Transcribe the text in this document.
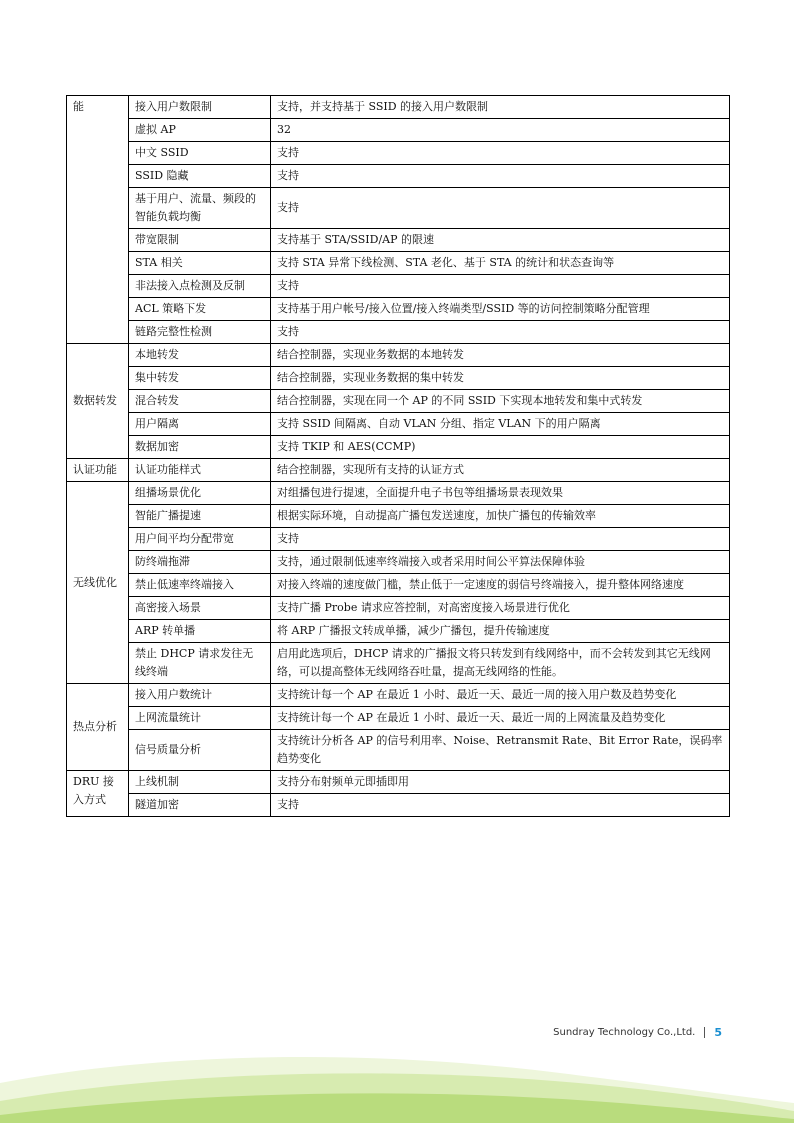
能	接入用户数限制	支持，并支持基于 SSID 的接入用户数限制
	虚拟 AP	32
	中文 SSID	支持
	SSID 隐藏	支持
	基于用户、流量、频段的智能负载均衡	支持
	带宽限制	支持基于 STA/SSID/AP 的限速
	STA 相关	支持 STA 异常下线检测、STA 老化、基于 STA 的统计和状态查询等
	非法接入点检测及反制	支持
	ACL 策略下发	支持基于用户帐号/接入位置/接入终端类型/SSID 等的访问控制策略分配管理
	链路完整性检测	支持
数据转发	本地转发	结合控制器，实现业务数据的本地转发
	集中转发	结合控制器，实现业务数据的集中转发
	混合转发	结合控制器，实现在同一个 AP 的不同 SSID 下实现本地转发和集中式转发
	用户隔离	支持 SSID 间隔离、自动 VLAN 分组、指定 VLAN 下的用户隔离
	数据加密	支持 TKIP 和 AES(CCMP)
认证功能	认证功能样式	结合控制器，实现所有支持的认证方式
无线优化	组播场景优化	对组播包进行提速，全面提升电子书包等组播场景表现效果
	智能广播提速	根据实际环境，自动提高广播包发送速度，加快广播包的传输效率
	用户间平均分配带宽	支持
	防终端拖滞	支持，通过限制低速率终端接入或者采用时间公平算法保障体验
	禁止低速率终端接入	对接入终端的速度做门槛，禁止低于一定速度的弱信号终端接入，提升整体网络速度
	高密接入场景	支持广播 Probe 请求应答控制，对高密度接入场景进行优化
	ARP 转单播	将 ARP 广播报文转成单播，减少广播包，提升传输速度
	禁止 DHCP 请求发往无线终端	启用此选项后，DHCP 请求的广播报文将只转发到有线网络中，而不会转发到其它无线网络，可以提高整体无线网络吞吐量，提高无线网络的性能。
热点分析	接入用户数统计	支持统计每一个 AP 在最近 1 小时、最近一天、最近一周的接入用户数及趋势变化
	上网流量统计	支持统计每一个 AP 在最近 1 小时、最近一天、最近一周的上网流量及趋势变化
	信号质量分析	支持统计分析各 AP 的信号利用率、Noise、Retransmit Rate、Bit Error Rate，误码率趋势变化
DRU 接入方式	上线机制	支持分布射频单元即插即用
	隧道加密	支持
Sundray Technology Co.,Ltd. 5
